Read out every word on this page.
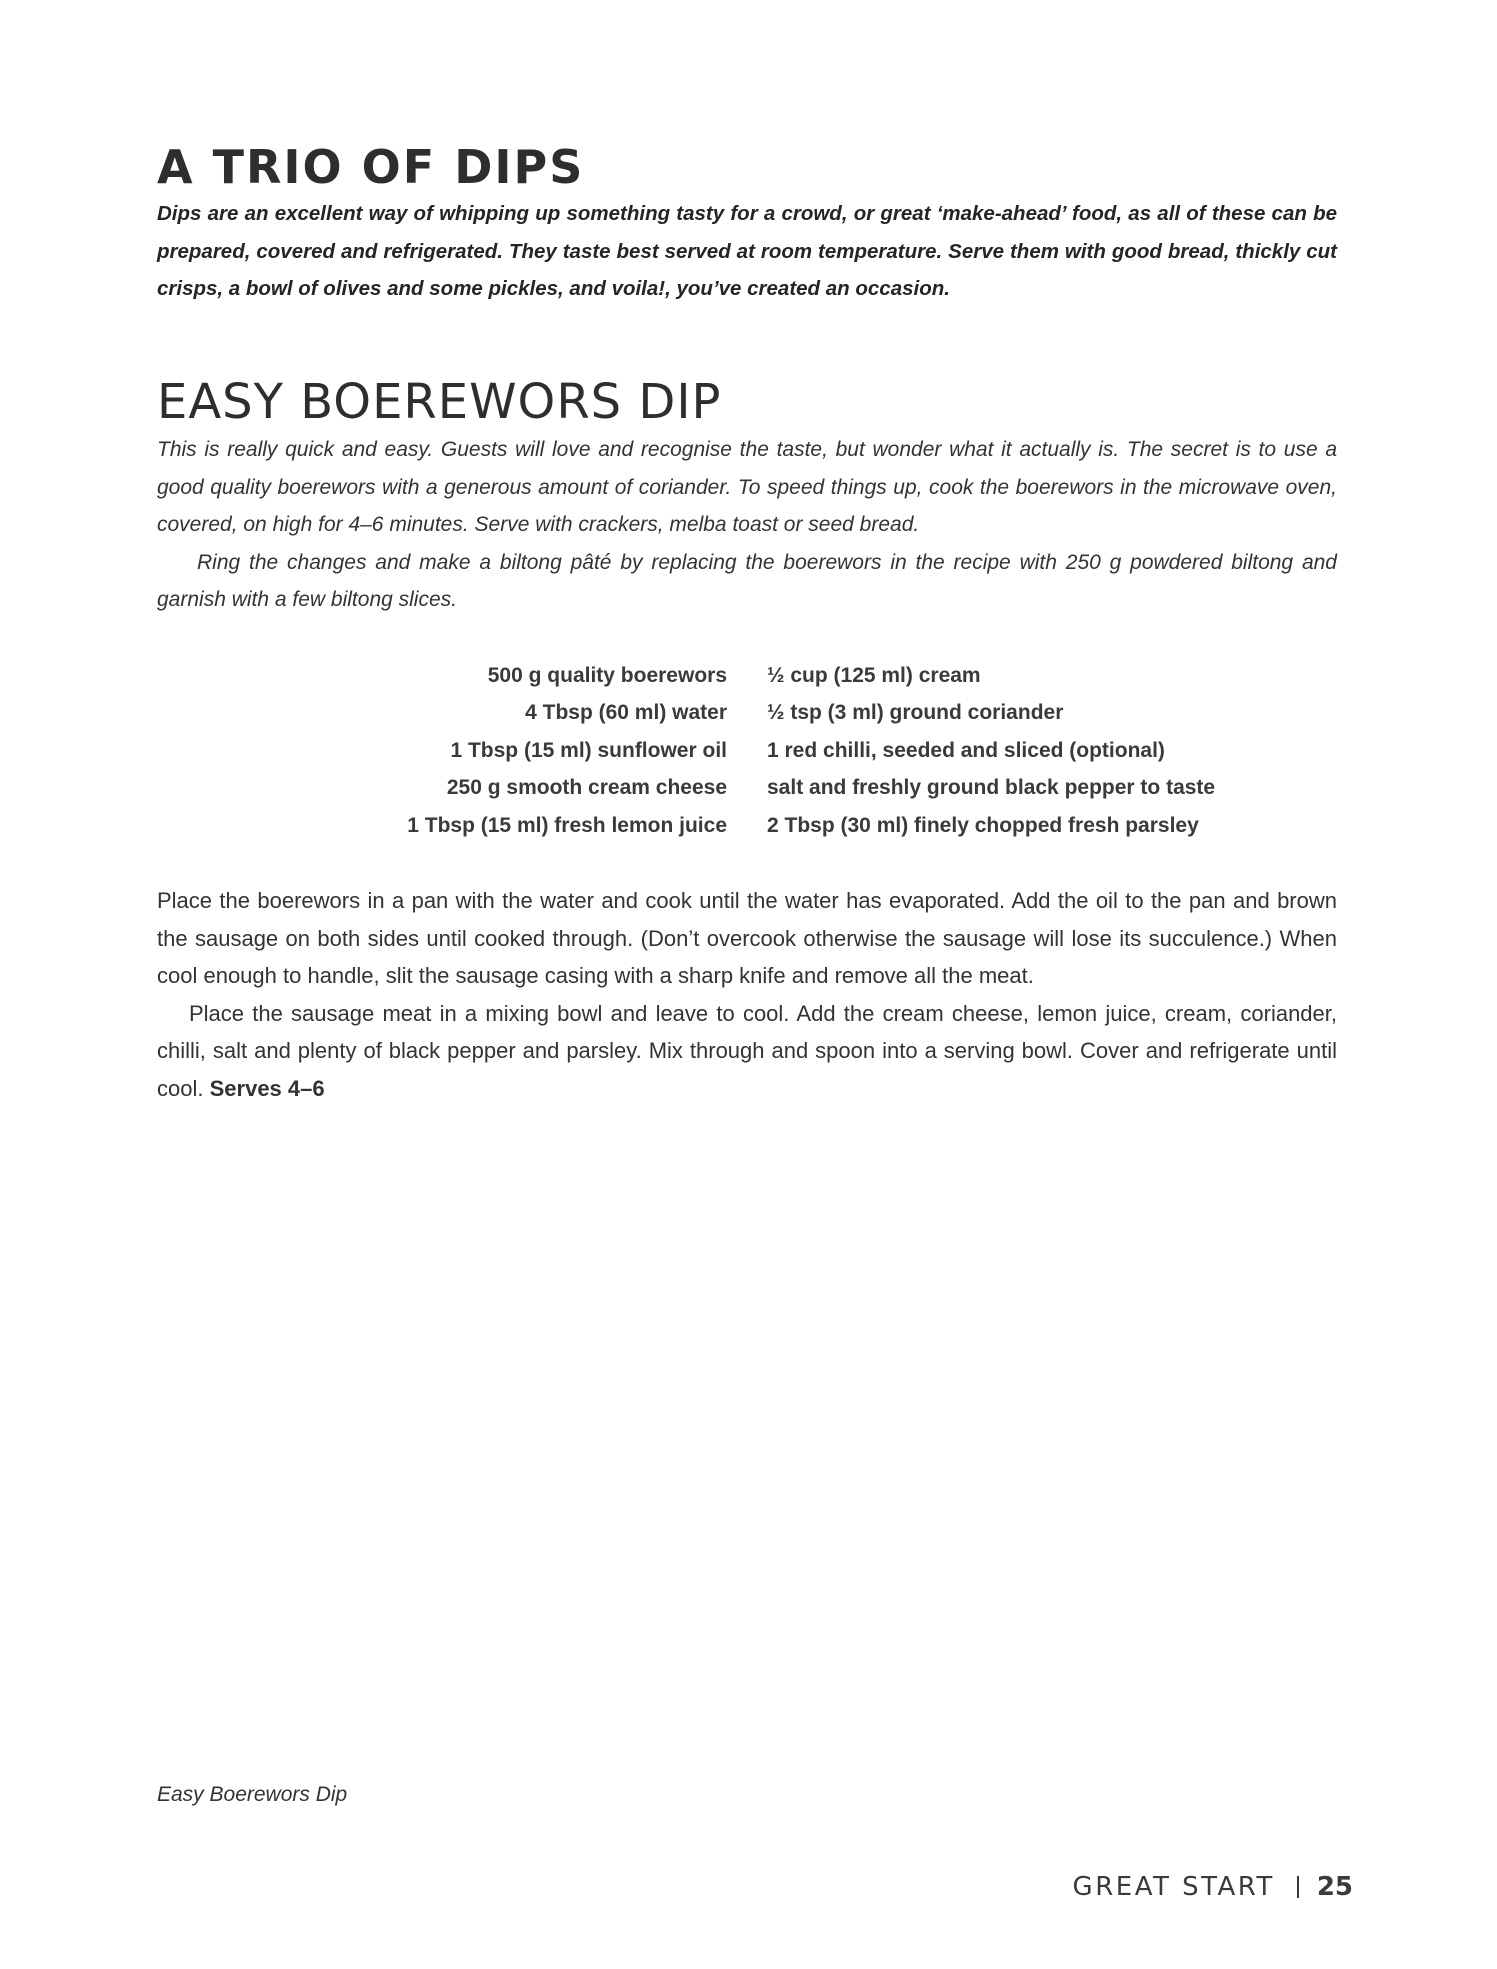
A TRIO OF DIPS

Dips are an excellent way of whipping up something tasty for a crowd, or great ‘make-ahead’ food, as all of these can be prepared, covered and refrigerated. They taste best served at room temperature. Serve them with good bread, thickly cut crisps, a bowl of olives and some pickles, and voila!, you’ve created an occasion.

EASY BOEREWORS DIP

This is really quick and easy. Guests will love and recognise the taste, but wonder what it actually is. The secret is to use a good quality boerewors with a generous amount of coriander. To speed things up, cook the boerewors in the microwave oven, covered, on high for 4–6 minutes. Serve with crackers, melba toast or seed bread.

Ring the changes and make a biltong pâté by replacing the boerewors in the recipe with 250 g powdered biltong and garnish with a few biltong slices.

500 g quality boerewors
4 Tbsp (60 ml) water
1 Tbsp (15 ml) sunflower oil
250 g smooth cream cheese
1 Tbsp (15 ml) fresh lemon juice
½ cup (125 ml) cream
½ tsp (3 ml) ground coriander
1 red chilli, seeded and sliced (optional)
salt and freshly ground black pepper to taste
2 Tbsp (30 ml) finely chopped fresh parsley

Place the boerewors in a pan with the water and cook until the water has evaporated. Add the oil to the pan and brown the sausage on both sides until cooked through. (Don’t overcook otherwise the sausage will lose its succulence.) When cool enough to handle, slit the sausage casing with a sharp knife and remove all the meat.

Place the sausage meat in a mixing bowl and leave to cool. Add the cream cheese, lemon juice, cream, coriander, chilli, salt and plenty of black pepper and parsley. Mix through and spoon into a serving bowl. Cover and refrigerate until cool. Serves 4–6

Easy Boerewors Dip
GREAT START 25
